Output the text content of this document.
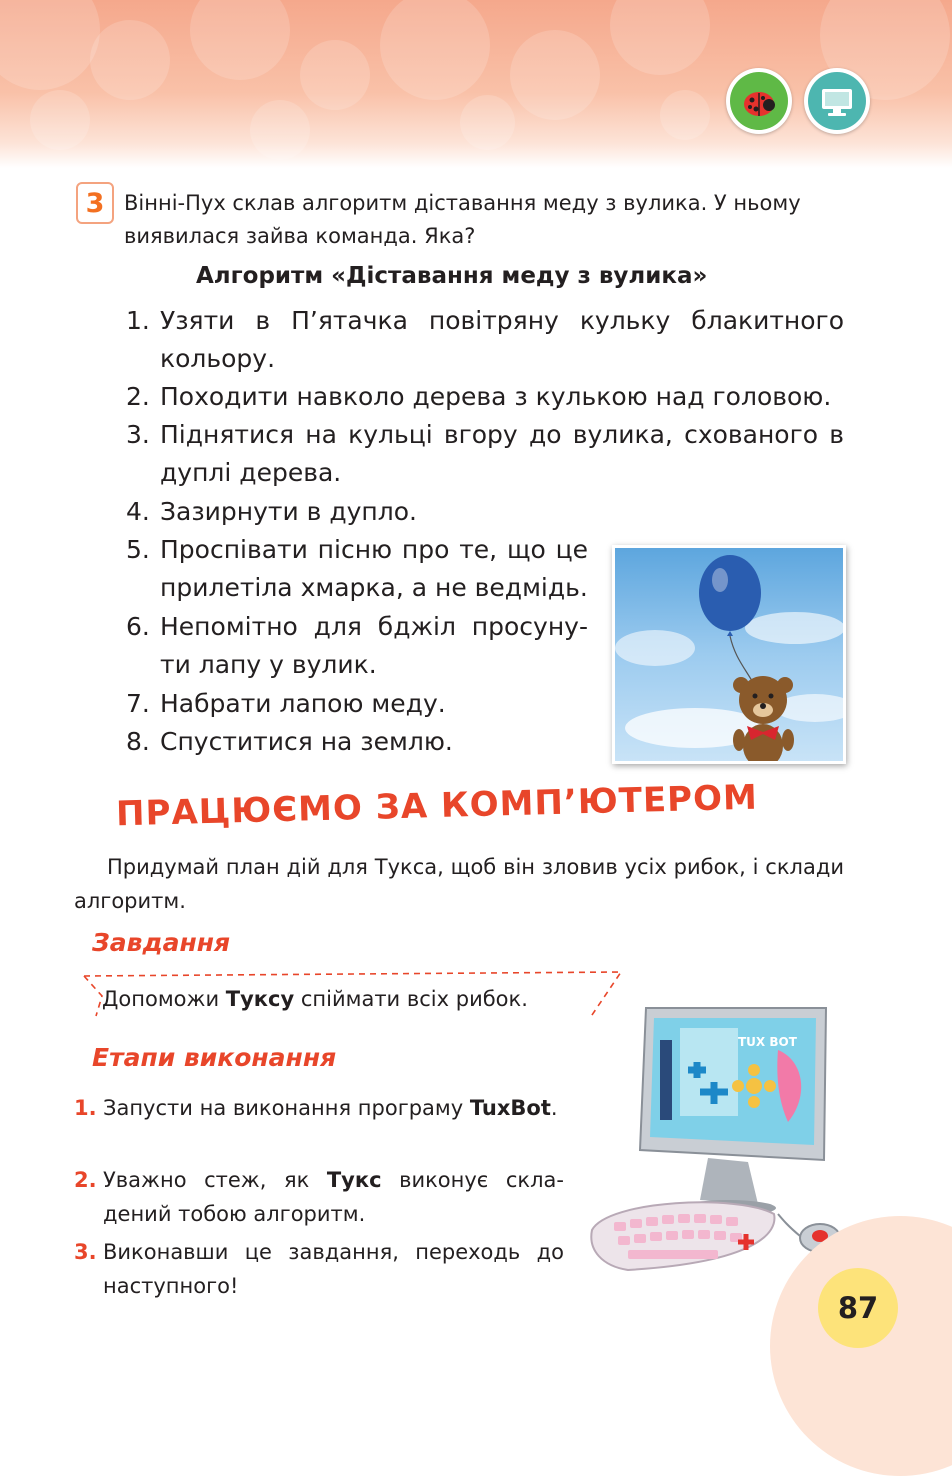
3 Вінні-Пух склав алгоритм діставання меду з вулика. У ньому виявилася зайва команда. Яка?
Алгоритм «Діставання меду з вулика»
1. Узяти в П’ятачка повітряну кульку блакитного кольору.
2. Походити навколо дерева з кулькою над головою.
3. Піднятися на кульці вгору до вулика, схованого в дуплі дерева.
4. Зазирнути в дупло.
5. Проспівати пісню про те, що це прилетіла хмарка, а не ведмідь.
6. Непомітно для бджіл просуну-ти лапу у вулик.
7. Набрати лапою меду.
8. Спуститися на землю.
ПРАЦЮЄМО ЗА КОМП’ЮТЕРОМ
Придумай план дій для Тукса, щоб він зловив усіх рибок, і склади алгоритм.
Завдання
Допоможи Туксу спіймати всіх рибок.
Етапи виконання
1. Запусти на виконання програму TuxBot.
2. Уважно стеж, як Тукс виконує скла-дений тобою алгоритм.
3. Виконавши це завдання, переходь до наступного!
TUX BOT
87
